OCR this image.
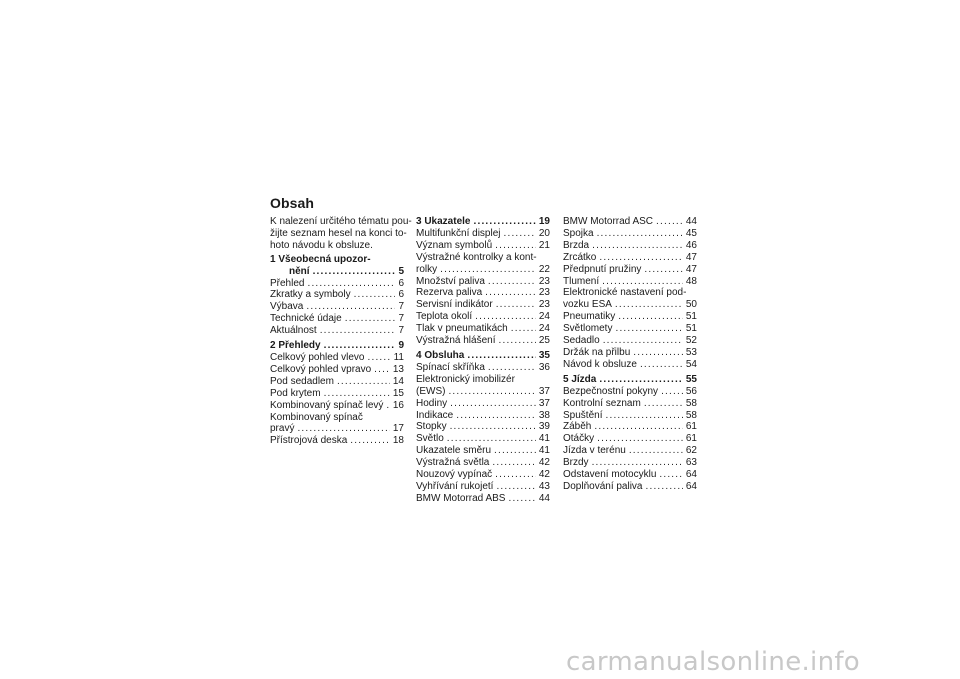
Obsah
K nalezení určitého tématu pou-
žijte seznam hesel na konci to-
hoto návodu k obsluze.
1 Všeobecná upozor-
nění .....	5
Přehled .....	6
Zkratky a symboly .....	6
Výbava .....	7
Technické údaje .....	7
Aktuálnost .....	7
2 Přehledy .....	9
Celkový pohled vlevo .....	11
Celkový pohled vpravo ..... 13
Pod sedadlem .....	14
Pod krytem .....	15
Kombinovaný spínač levý ..... 16
Kombinovaný spínač
pravý .....	17
Přístrojová deska .....	18
3 Ukazatele .....	19
Multifunkční displej .....	20
Význam symbolů .....	21
Výstražné kontrolky a kont-
rolky .....	22
Množství paliva .....	23
Rezerva paliva .....	23
Servisní indikátor .....	23
Teplota okolí .....	24
Tlak v pneumatikách .....	24
Výstražná hlášení .....	25
4 Obsluha .....	35
Spínací skříňka .....	36
Elektronický imobilizér
(EWS) .....	37
Hodiny .....	37
Indikace .....	38
Stopky .....	39
Světlo .....	41
Ukazatele směru .....	41
Výstražná světla .....	42
Nouzový vypínač .....	42
Vyhřívání rukojetí .....	43
BMW Motorrad ABS .....	44
BMW Motorrad ASC .....	44
Spojka .....	45
Brzda .....	46
Zrcátko .....	47
Předpnutí pružiny .....	47
Tlumení .....	48
Elektronické nastavení pod-
vozku ESA .....	50
Pneumatiky .....	51
Světlomety .....	51
Sedadlo .....	52
Držák na přilbu .....	53
Návod k obsluze .....	54
5 Jízda .....	55
Bezpečnostní pokyny .....	56
Kontrolní seznam .....	58
Spuštění .....	58
Záběh .....	61
Otáčky .....	61
Jízda v terénu .....	62
Brzdy .....	63
Odstavení motocyklu .....	64
Doplňování paliva .....	64
carmanualsonline.info
